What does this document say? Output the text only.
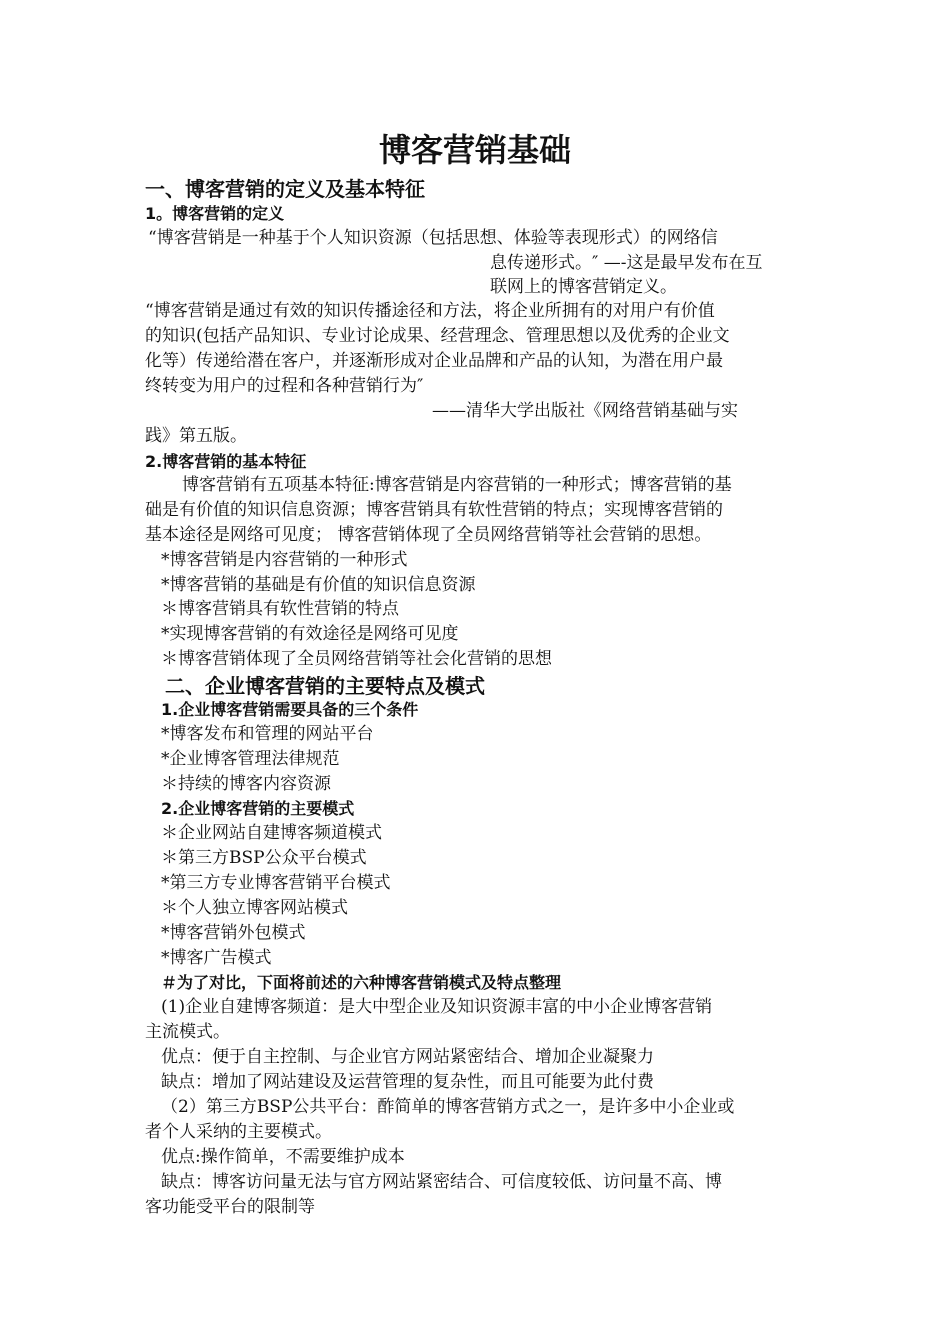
博客营销基础
一、博客营销的定义及基本特征
1。博客营销的定义
“博客营销是一种基于个人知识资源（包括思想、体验等表现形式）的网络信
息传递形式。″ —-这是最早发布在互
联网上的博客营销定义。
“博客营销是通过有效的知识传播途径和方法，将企业所拥有的对用户有价值
的知识(包括产品知识、专业讨论成果、经营理念、管理思想以及优秀的企业文
化等）传递给潜在客户，并逐渐形成对企业品牌和产品的认知，为潜在用户最
终转变为用户的过程和各种营销行为″
——清华大学出版社《网络营销基础与实
践》第五版。
2.博客营销的基本特征
博客营销有五项基本特征:博客营销是内容营销的一种形式；博客营销的基
础是有价值的知识信息资源；博客营销具有软性营销的特点；实现博客营销的
基本途径是网络可见度； 博客营销体现了全员网络营销等社会营销的思想。
*博客营销是内容营销的一种形式
*博客营销的基础是有价值的知识信息资源
＊博客营销具有软性营销的特点
*实现博客营销的有效途径是网络可见度
＊博客营销体现了全员网络营销等社会化营销的思想
二、企业博客营销的主要特点及模式
1.企业博客营销需要具备的三个条件
*博客发布和管理的网站平台
*企业博客管理法律规范
＊持续的博客内容资源
2.企业博客营销的主要模式
＊企业网站自建博客频道模式
＊第三方BSP公众平台模式
*第三方专业博客营销平台模式
＊个人独立博客网站模式
*博客营销外包模式
*博客广告模式
＃为了对比，下面将前述的六种博客营销模式及特点整理
(1)企业自建博客频道：是大中型企业及知识资源丰富的中小企业博客营销
主流模式。
优点：便于自主控制、与企业官方网站紧密结合、增加企业凝聚力
缺点：增加了网站建设及运营管理的复杂性，而且可能要为此付费
（2）第三方BSP公共平台：酢简单的博客营销方式之一，是许多中小企业或
者个人采纳的主要模式。
优点:操作简单，不需要维护成本
缺点：博客访问量无法与官方网站紧密结合、可信度较低、访问量不高、博
客功能受平台的限制等
